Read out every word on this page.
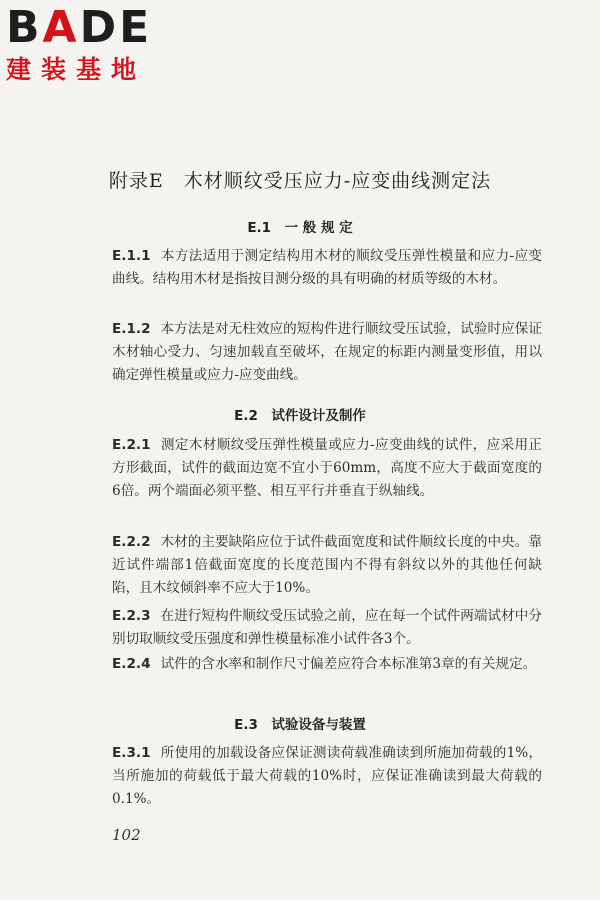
BADE
建装基地
附录E　木材顺纹受压应力-应变曲线测定法
E.1　一 般 规 定
E.1.1 本方法适用于测定结构用木材的顺纹受压弹性模量和应力-应变曲线。结构用木材是指按目测分级的具有明确的材质等级的木材。
E.1.2 本方法是对无柱效应的短构件进行顺纹受压试验，试验时应保证木材轴心受力、匀速加载直至破坏，在规定的标距内测量变形值，用以确定弹性模量或应力-应变曲线。
E.2　试件设计及制作
E.2.1 测定木材顺纹受压弹性模量或应力-应变曲线的试件，应采用正方形截面，试件的截面边宽不宜小于60mm，高度不应大于截面宽度的6倍。两个端面必须平整、相互平行并垂直于纵轴线。
E.2.2 木材的主要缺陷应位于试件截面宽度和试件顺纹长度的中央。靠近试件端部1倍截面宽度的长度范围内不得有斜纹以外的其他任何缺陷，且木纹倾斜率不应大于10%。
E.2.3 在进行短构件顺纹受压试验之前，应在每一个试件两端试材中分别切取顺纹受压强度和弹性模量标准小试件各3个。
E.2.4 试件的含水率和制作尺寸偏差应符合本标准第3章的有关规定。
E.3　试验设备与装置
E.3.1 所使用的加载设备应保证测读荷载准确读到所施加荷载的1%，当所施加的荷载低于最大荷载的10%时，应保证准确读到最大荷载的0.1%。
102
